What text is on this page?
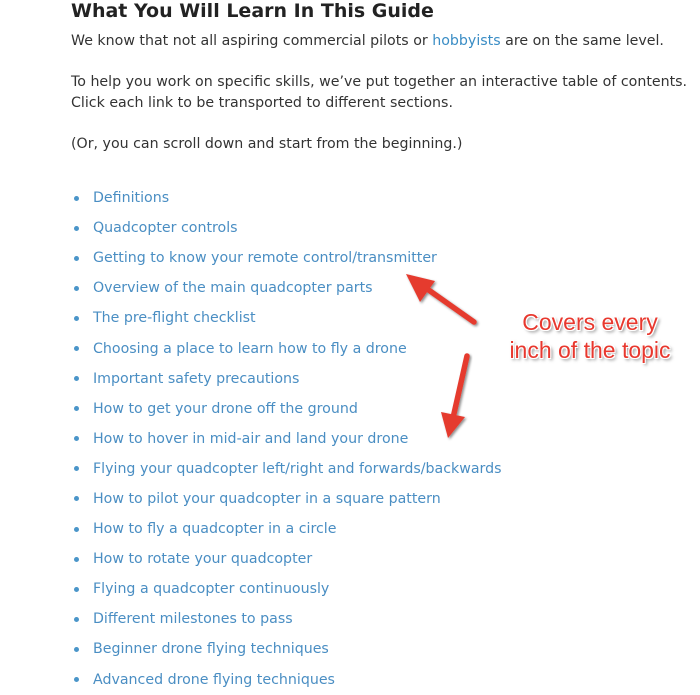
What You Will Learn In This Guide

We know that not all aspiring commercial pilots or hobbyists are on the same level.

To help you work on specific skills, we’ve put together an interactive table of contents.
Click each link to be transported to different sections.

(Or, you can scroll down and start from the beginning.)

Definitions
Quadcopter controls
Getting to know your remote control/transmitter
Overview of the main quadcopter parts
The pre-flight checklist
Choosing a place to learn how to fly a drone
Important safety precautions
How to get your drone off the ground
How to hover in mid-air and land your drone
Flying your quadcopter left/right and forwards/backwards
How to pilot your quadcopter in a square pattern
How to fly a quadcopter in a circle
How to rotate your quadcopter
Flying a quadcopter continuously
Different milestones to pass
Beginner drone flying techniques
Advanced drone flying techniques
Covers every
inch of the topic
